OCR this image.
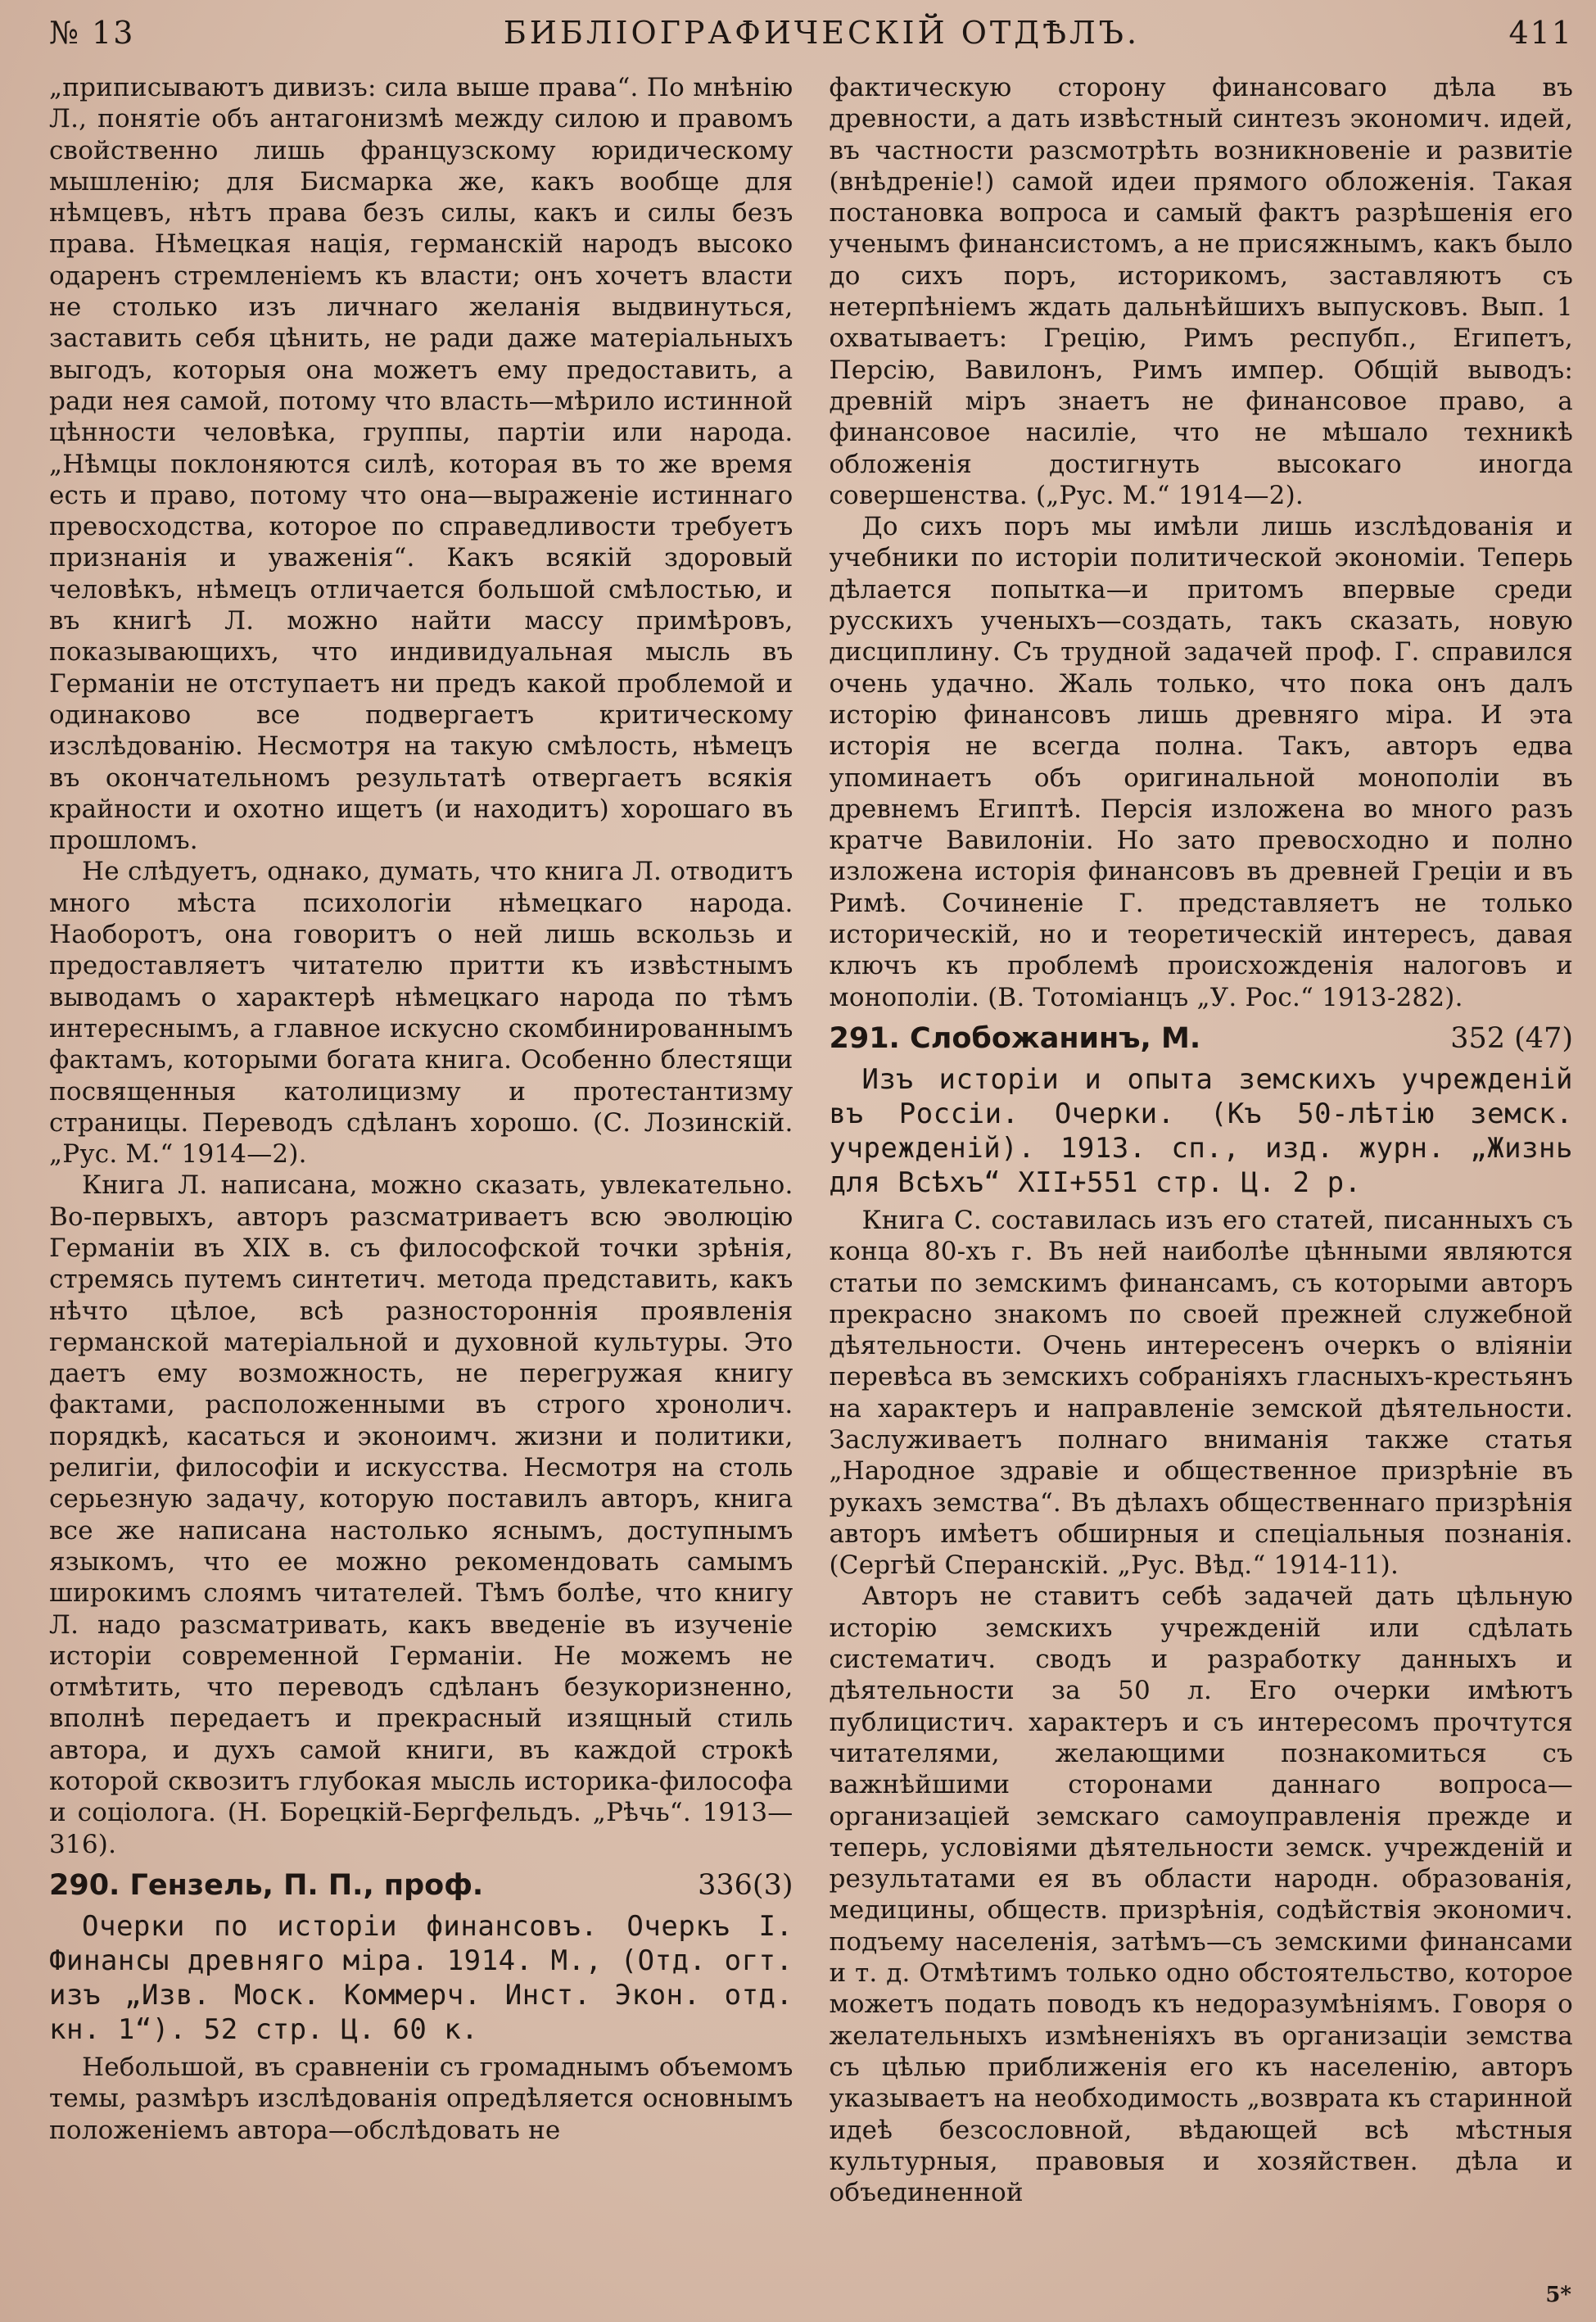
№ 13	БИБЛІОГРАФИЧЕСКІЙ ОТДѢЛЪ.	411

„приписываютъ дивизъ: сила выше права“. По мнѣнію Л., понятіе объ антагонизмѣ между силою и правомъ свойственно лишь французскому юридическому мышленію; для Бисмарка же, какъ вообще для нѣмцевъ, нѣтъ права безъ силы, какъ и силы безъ права. Нѣмецкая нація, германскій народъ высоко одаренъ стремленіемъ къ власти; онъ хочетъ власти не столько изъ личнаго желанія выдвинуться, заставить себя цѣнить, не ради даже матеріальныхъ выгодъ, которыя она можетъ ему предоставить, а ради нея самой, потому что власть—мѣрило истинной цѣнности человѣка, группы, партіи или народа. „Нѣмцы поклоняются силѣ, которая въ то же время есть и право, потому что она—выраженіе истиннаго превосходства, которое по справедливости требуетъ признанія и уваженія“. Какъ всякій здоровый человѣкъ, нѣмецъ отличается большой смѣлостью, и въ книгѣ Л. можно найти массу примѣровъ, показывающихъ, что индивидуальная мысль въ Германіи не отступаетъ ни предъ какой проблемой и одинаково все подвергаетъ критическому изслѣдованію. Несмотря на такую смѣлость, нѣмецъ въ окончательномъ результатѣ отвергаетъ всякія крайности и охотно ищетъ (и находитъ) хорошаго въ прошломъ.

Не слѣдуетъ, однако, думать, что книга Л. отводитъ много мѣста психологіи нѣмецкаго народа. Наоборотъ, она говоритъ о ней лишь вскользь и предоставляетъ читателю притти къ извѣстнымъ выводамъ о характерѣ нѣмецкаго народа по тѣмъ интереснымъ, а главное искусно скомбинированнымъ фактамъ, которыми богата книга. Особенно блестящи посвященныя католицизму и протестантизму страницы. Переводъ сдѣланъ хорошо. (С. Лозинскій. „Рус. М.“ 1914—2).

Книга Л. написана, можно сказать, увлекательно. Во-первыхъ, авторъ разсматриваетъ всю эволюцію Германіи въ XIX в. съ философской точки зрѣнія, стремясь путемъ синтетич. метода представить, какъ нѣчто цѣлое, всѣ разностороннія проявленія германской матеріальной и духовной культуры. Это даетъ ему возможность, не перегружая книгу фактами, расположенными въ строго хронолич. порядкѣ, касаться и эконоимч. жизни и политики, религіи, философіи и искусства. Несмотря на столь серьезную задачу, которую поставилъ авторъ, книга все же написана настолько яснымъ, доступнымъ языкомъ, что ее можно рекомендовать самымъ широкимъ слоямъ читателей. Тѣмъ болѣе, что книгу Л. надо разсматривать, какъ введеніе въ изученіе исторіи современной Германіи. Не можемъ не отмѣтить, что переводъ сдѣланъ безукоризненно, вполнѣ передаетъ и прекрасный изящный стиль автора, и духъ самой книги, въ каждой строкѣ которой сквозитъ глубокая мысль историка-философа и соціолога. (Н. Борецкій-Бергфельдъ. „Рѣчь“. 1913—316).

290. Гензель, П. П., проф.	336(3)
Очерки по исторіи финансовъ. Очеркъ I. Финансы древняго міра. 1914. М., (Отд. огт. изъ „Изв. Моск. Коммерч. Инст. Экон. отд. кн. 1“). 52 стр. Ц. 60 к.

Небольшой, въ сравненіи съ громаднымъ объемомъ темы, размѣръ изслѣдованія опредѣляется основнымъ положеніемъ автора—обслѣдовать не

фактическую сторону финансоваго дѣла въ древности, а дать извѣстный синтезъ экономич. идей, въ частности разсмотрѣть возникновеніе и развитіе (внѣдреніе!) самой идеи прямого обложенія. Такая постановка вопроса и самый фактъ разрѣшенія его ученымъ финансистомъ, а не присяжнымъ, какъ было до сихъ поръ, историкомъ, заставляютъ съ нетерпѣніемъ ждать дальнѣйшихъ выпусковъ. Вып. 1 охватываетъ: Грецію, Римъ респубп., Египетъ, Персію, Вавилонъ, Римъ импер. Общій выводъ: древній міръ знаетъ не финансовое право, а финансовое насиліе, что не мѣшало техникѣ обложенія достигнуть высокаго иногда совершенства. („Рус. М.“ 1914—2).

До сихъ поръ мы имѣли лишь изслѣдованія и учебники по исторіи политической экономіи. Теперь дѣлается попытка—и притомъ впервые среди русскихъ ученыхъ—создать, такъ сказать, новую дисциплину. Съ трудной задачей проф. Г. справился очень удачно. Жаль только, что пока онъ далъ исторію финансовъ лишь древняго міра. И эта исторія не всегда полна. Такъ, авторъ едва упоминаетъ объ оригинальной монополіи въ древнемъ Египтѣ. Персія изложена во много разъ кратче Вавилоніи. Но зато превосходно и полно изложена исторія финансовъ въ древней Греціи и въ Римѣ. Сочиненіе Г. представляетъ не только историческій, но и теоретическій интересъ, давая ключъ къ проблемѣ происхожденія налоговъ и монополіи. (В. Тотоміанцъ „У. Рос.“ 1913-282).

291. Слобожанинъ, М.	352 (47)
Изъ исторіи и опыта земскихъ учрежденій въ Россіи. Очерки. (Къ 50-лѣтію земск. учрежденій). 1913. сп., изд. журн. „Жизнь для Всѣхъ“ XII+551 стр. Ц. 2 р.

Книга С. составилась изъ его статей, писанныхъ съ конца 80-хъ г. Въ ней наиболѣе цѣнными являются статьи по земскимъ финансамъ, съ которыми авторъ прекрасно знакомъ по своей прежней служебной дѣятельности. Очень интересенъ очеркъ о вліяніи перевѣса въ земскихъ собраніяхъ гласныхъ-крестьянъ на характеръ и направленіе земской дѣятельности. Заслуживаетъ полнаго вниманія также статья „Народное здравіе и общественное призрѣніе въ рукахъ земства“. Въ дѣлахъ общественнаго призрѣнія авторъ имѣетъ обширныя и спеціальныя познанія. (Сергѣй Сперанскій. „Рус. Вѣд.“ 1914-11).

Авторъ не ставитъ себѣ задачей дать цѣльную исторію земскихъ учрежденій или сдѣлать систематич. сводъ и разработку данныхъ и дѣятельности за 50 л. Его очерки имѣютъ публицистич. характеръ и съ интересомъ прочтутся читателями, желающими познакомиться съ важнѣйшими сторонами даннаго вопроса—организаціей земскаго самоуправленія прежде и теперь, условіями дѣятельности земск. учрежденій и результатами ея въ области народн. образованія, медицины, обществ. призрѣнія, содѣйствія экономич. подъему населенія, затѣмъ—съ земскими финансами и т. д. Отмѣтимъ только одно обстоятельство, которое можетъ подать поводъ къ недоразумѣніямъ. Говоря о желательныхъ измѣненіяхъ въ организаціи земства съ цѣлью приближенія его къ населенію, авторъ указываетъ на необходимость „возврата къ старинной идеѣ безсословной, вѣдающей всѣ мѣстныя культурныя, правовыя и хозяйствен. дѣла и объединенной

5*
